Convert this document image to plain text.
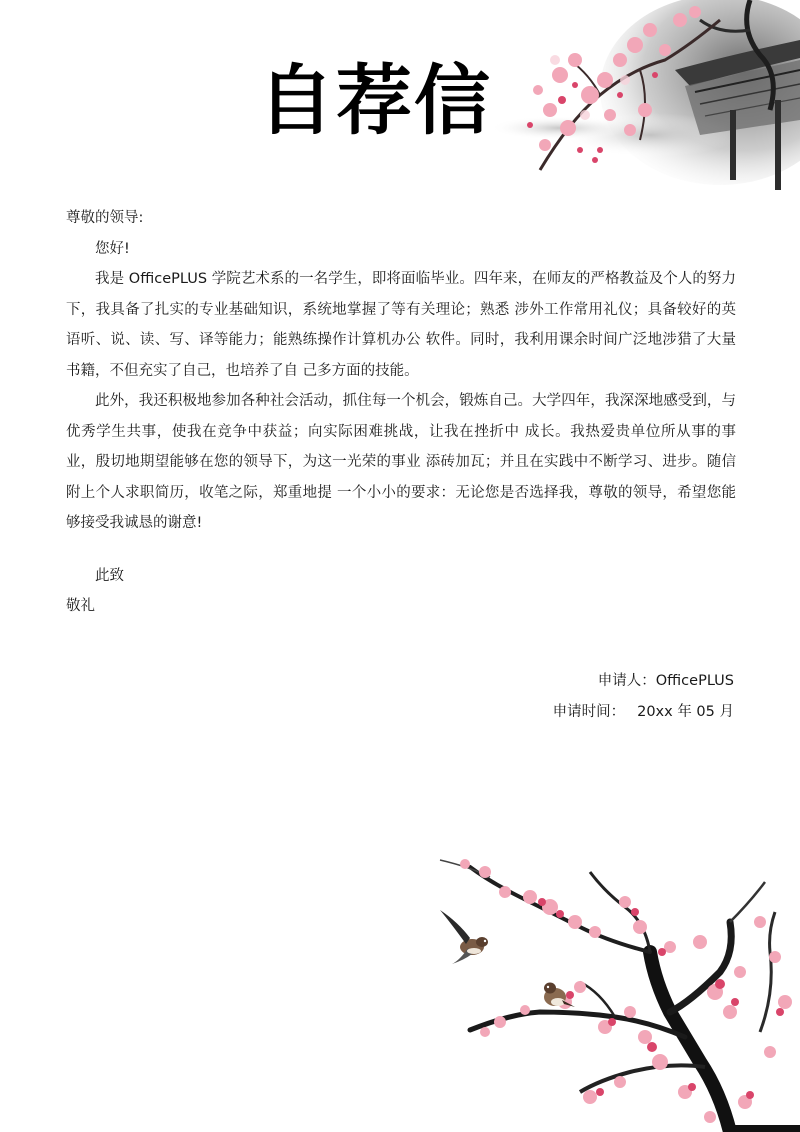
自荐信

尊敬的领导:

您好!

我是 OfficePLUS 学院艺术系的一名学生，即将面临毕业。四年来，在师友的严格教益及个人的努力下，我具备了扎实的专业基础知识，系统地掌握了等有关理论；熟悉 涉外工作常用礼仪；具备较好的英语听、说、读、写、译等能力；能熟练操作计算机办公 软件。同时，我利用课余时间广泛地涉猎了大量书籍，不但充实了自己，也培养了自 己多方面的技能。

此外，我还积极地参加各种社会活动，抓住每一个机会，锻炼自己。大学四年，我深深地感受到，与优秀学生共事，使我在竞争中获益；向实际困难挑战，让我在挫折中 成长。我热爱贵单位所从事的事业，殷切地期望能够在您的领导下，为这一光荣的事业 添砖加瓦；并且在实践中不断学习、进步。随信附上个人求职简历，收笔之际，郑重地提 一个小小的要求：无论您是否选择我，尊敬的领导，希望您能够接受我诚恳的谢意!

此致

敬礼

申请人：OfficePLUS
申请时间： 20xx 年 05 月
